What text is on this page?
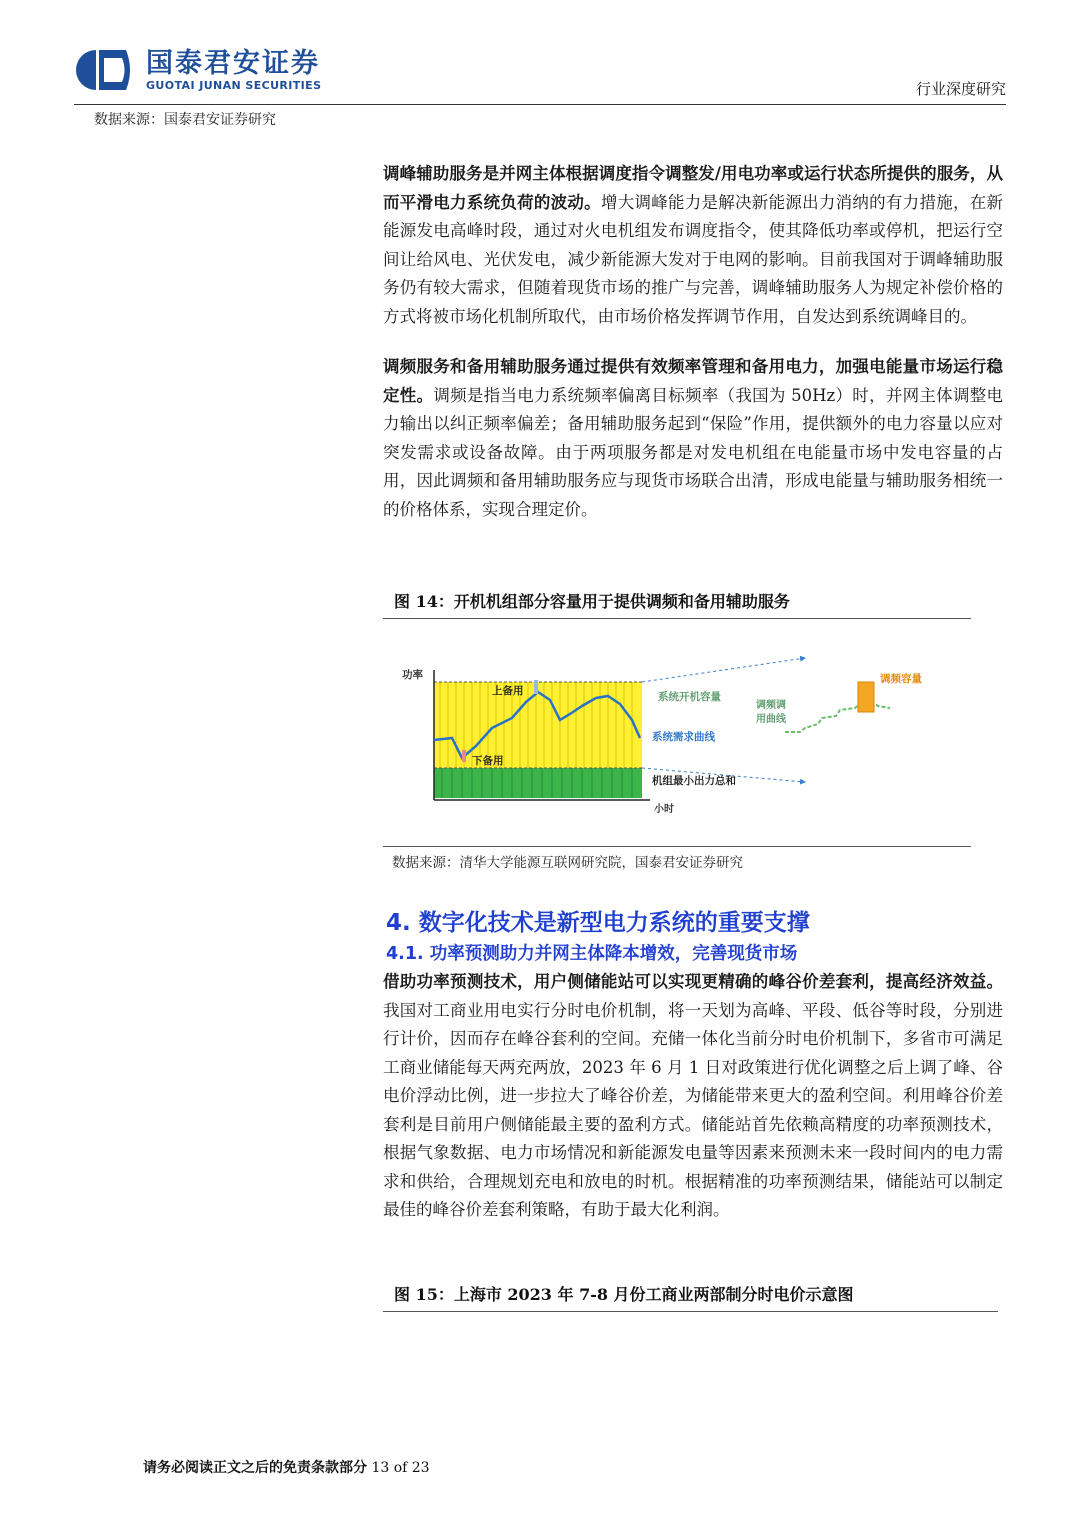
国泰君安证券
GUOTAI JUNAN SECURITIES	行业深度研究
数据来源：国泰君安证券研究

调峰辅助服务是并网主体根据调度指令调整发/用电功率或运行状态所提供的服务，从而平滑电力系统负荷的波动。增大调峰能力是解决新能源出力消纳的有力措施，在新能源发电高峰时段，通过对火电机组发布调度指令，使其降低功率或停机，把运行空间让给风电、光伏发电，减少新能源大发对于电网的影响。目前我国对于调峰辅助服务仍有较大需求，但随着现货市场的推广与完善，调峰辅助服务人为规定补偿价格的方式将被市场化机制所取代，由市场价格发挥调节作用，自发达到系统调峰目的。

调频服务和备用辅助服务通过提供有效频率管理和备用电力，加强电能量市场运行稳定性。调频是指当电力系统频率偏离目标频率（我国为 50Hz）时，并网主体调整电力输出以纠正频率偏差；备用辅助服务起到“保险”作用，提供额外的电力容量以应对突发需求或设备故障。由于两项服务都是对发电机组在电能量市场中发电容量的占用，因此调频和备用辅助服务应与现货市场联合出清，形成电能量与辅助服务相统一的价格体系，实现合理定价。

图 14：开机机组部分容量用于提供调频和备用辅助服务
功率
小时
上备用
下备用
系统开机容量
系统需求曲线
机组最小出力总和
调频调
用曲线
调频容量
数据来源：清华大学能源互联网研究院，国泰君安证券研究
4. 数字化技术是新型电力系统的重要支撑
4.1. 功率预测助力并网主体降本增效，完善现货市场

借助功率预测技术，用户侧储能站可以实现更精确的峰谷价差套利，提高经济效益。我国对工商业用电实行分时电价机制，将一天划为高峰、平段、低谷等时段，分别进行计价，因而存在峰谷套利的空间。充储一体化当前分时电价机制下，多省市可满足工商业储能每天两充两放，2023 年 6 月 1 日对政策进行优化调整之后上调了峰、谷电价浮动比例，进一步拉大了峰谷价差，为储能带来更大的盈利空间。利用峰谷价差套利是目前用户侧储能最主要的盈利方式。储能站首先依赖高精度的功率预测技术，根据气象数据、电力市场情况和新能源发电量等因素来预测未来一段时间内的电力需求和供给，合理规划充电和放电的时机。根据精准的功率预测结果，储能站可以制定最佳的峰谷价差套利策略，有助于最大化利润。

图 15：上海市 2023 年 7-8 月份工商业两部制分时电价示意图
请务必阅读正文之后的免责条款部分 13 of 23
